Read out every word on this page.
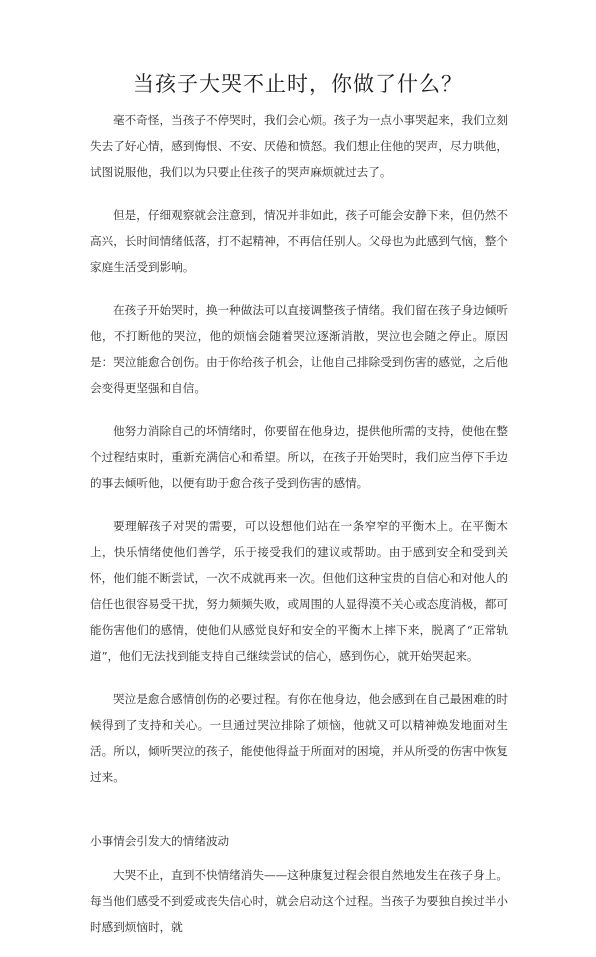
当孩子大哭不止时，你做了什么？

毫不奇怪，当孩子不停哭时，我们会心烦。孩子为一点小事哭起来，我们立刻失去了好心情，感到悔恨、不安、厌倦和愤怒。我们想止住他的哭声，尽力哄他，试图说服他，我们以为只要止住孩子的哭声麻烦就过去了。

但是，仔细观察就会注意到，情况并非如此，孩子可能会安静下来，但仍然不高兴，长时间情绪低落，打不起精神，不再信任别人。父母也为此感到气恼，整个家庭生活受到影响。

在孩子开始哭时，换一种做法可以直接调整孩子情绪。我们留在孩子身边倾听他，不打断他的哭泣，他的烦恼会随着哭泣逐渐消散，哭泣也会随之停止。原因是：哭泣能愈合创伤。由于你给孩子机会，让他自己排除受到伤害的感觉，之后他会变得更坚强和自信。

他努力消除自己的坏情绪时，你要留在他身边，提供他所需的支持，使他在整个过程结束时，重新充满信心和希望。所以，在孩子开始哭时，我们应当停下手边的事去倾听他，以便有助于愈合孩子受到伤害的感情。

要理解孩子对哭的需要，可以设想他们站在一条窄窄的平衡木上。在平衡木上，快乐情绪使他们善学，乐于接受我们的建议或帮助。由于感到安全和受到关怀，他们能不断尝试，一次不成就再来一次。但他们这种宝贵的自信心和对他人的信任也很容易受干扰，努力频频失败，或周围的人显得漠不关心或态度消极，都可能伤害他们的感情，使他们从感觉良好和安全的平衡木上摔下来，脱离了“正常轨道”，他们无法找到能支持自己继续尝试的信心，感到伤心，就开始哭起来。

哭泣是愈合感情创伤的必要过程。有你在他身边，他会感到在自己最困难的时候得到了支持和关心。一旦通过哭泣排除了烦恼，他就又可以精神焕发地面对生活。所以，倾听哭泣的孩子，能使他得益于所面对的困境，并从所受的伤害中恢复过来。

小事情会引发大的情绪波动

大哭不止，直到不快情绪消失——这种康复过程会很自然地发生在孩子身上。每当他们感受不到爱或丧失信心时，就会启动这个过程。当孩子为要独自挨过半小时感到烦恼时，就
